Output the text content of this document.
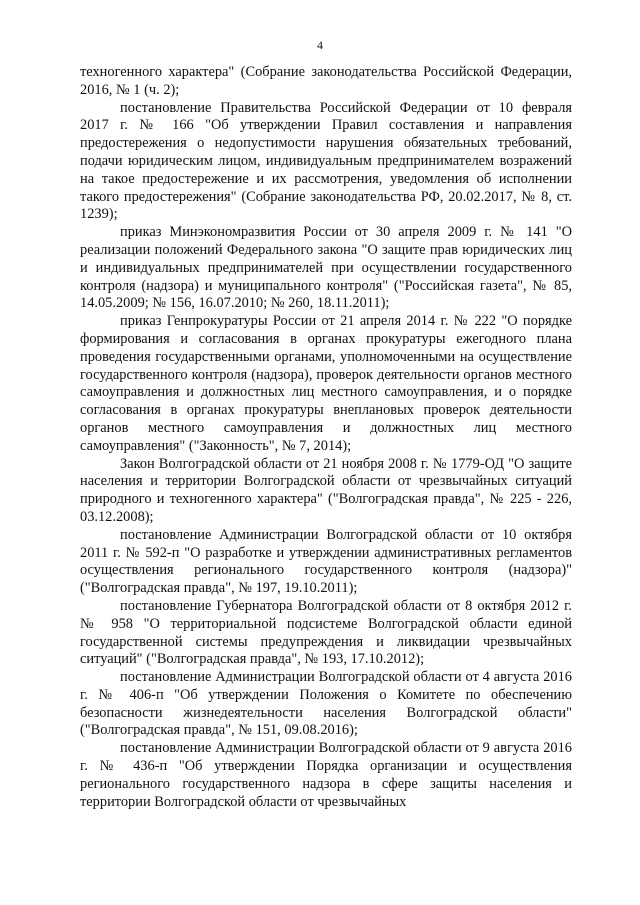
4

техногенного характера" (Собрание законодательства Российской Федерации, 2016, № 1 (ч. 2);

постановление Правительства Российской Федерации от 10 февраля 2017 г. № 166 "Об утверждении Правил составления и направления предостережения о недопустимости нарушения обязательных требований, подачи юридическим лицом, индивидуальным предпринимателем возражений на такое предостережение и их рассмотрения, уведомления об исполнении такого предостережения" (Собрание законодательства РФ, 20.02.2017, № 8, ст. 1239);

приказ Минэкономразвития России от 30 апреля 2009 г. № 141 "О реализации положений Федерального закона "О защите прав юридических лиц и индивидуальных предпринимателей при осуществлении государственного контроля (надзора) и муниципального контроля" ("Российская газета", № 85, 14.05.2009; № 156, 16.07.2010; № 260, 18.11.2011);

приказ Генпрокуратуры России от 21 апреля 2014 г. № 222 "О порядке формирования и согласования в органах прокуратуры ежегодного плана проведения государственными органами, уполномоченными на осуществление государственного контроля (надзора), проверок деятельности органов местного самоуправления и должностных лиц местного самоуправления, и о порядке согласования в органах прокуратуры внеплановых проверок деятельности органов местного самоуправления и должностных лиц местного самоуправления" ("Законность", № 7, 2014);

Закон Волгоградской области от 21 ноября 2008 г. № 1779-ОД "О защите населения и территории Волгоградской области от чрезвычайных ситуаций природного и техногенного характера" ("Волгоградская правда", № 225 - 226, 03.12.2008);

постановление Администрации Волгоградской области от 10 октября 2011 г. № 592-п "О разработке и утверждении административных регламентов осуществления регионального государственного контроля (надзора)" ("Волгоградская правда", № 197, 19.10.2011);

постановление Губернатора Волгоградской области от 8 октября 2012 г. № 958 "О территориальной подсистеме Волгоградской области единой государственной системы предупреждения и ликвидации чрезвычайных ситуаций" ("Волгоградская правда", № 193, 17.10.2012);

постановление Администрации Волгоградской области от 4 августа 2016 г. № 406-п "Об утверждении Положения о Комитете по обеспечению безопасности жизнедеятельности населения Волгоградской области" ("Волгоградская правда", № 151, 09.08.2016);

постановление Администрации Волгоградской области от 9 августа 2016 г. № 436-п "Об утверждении Порядка организации и осуществления регионального государственного надзора в сфере защиты населения и территории Волгоградской области от чрезвычайных
